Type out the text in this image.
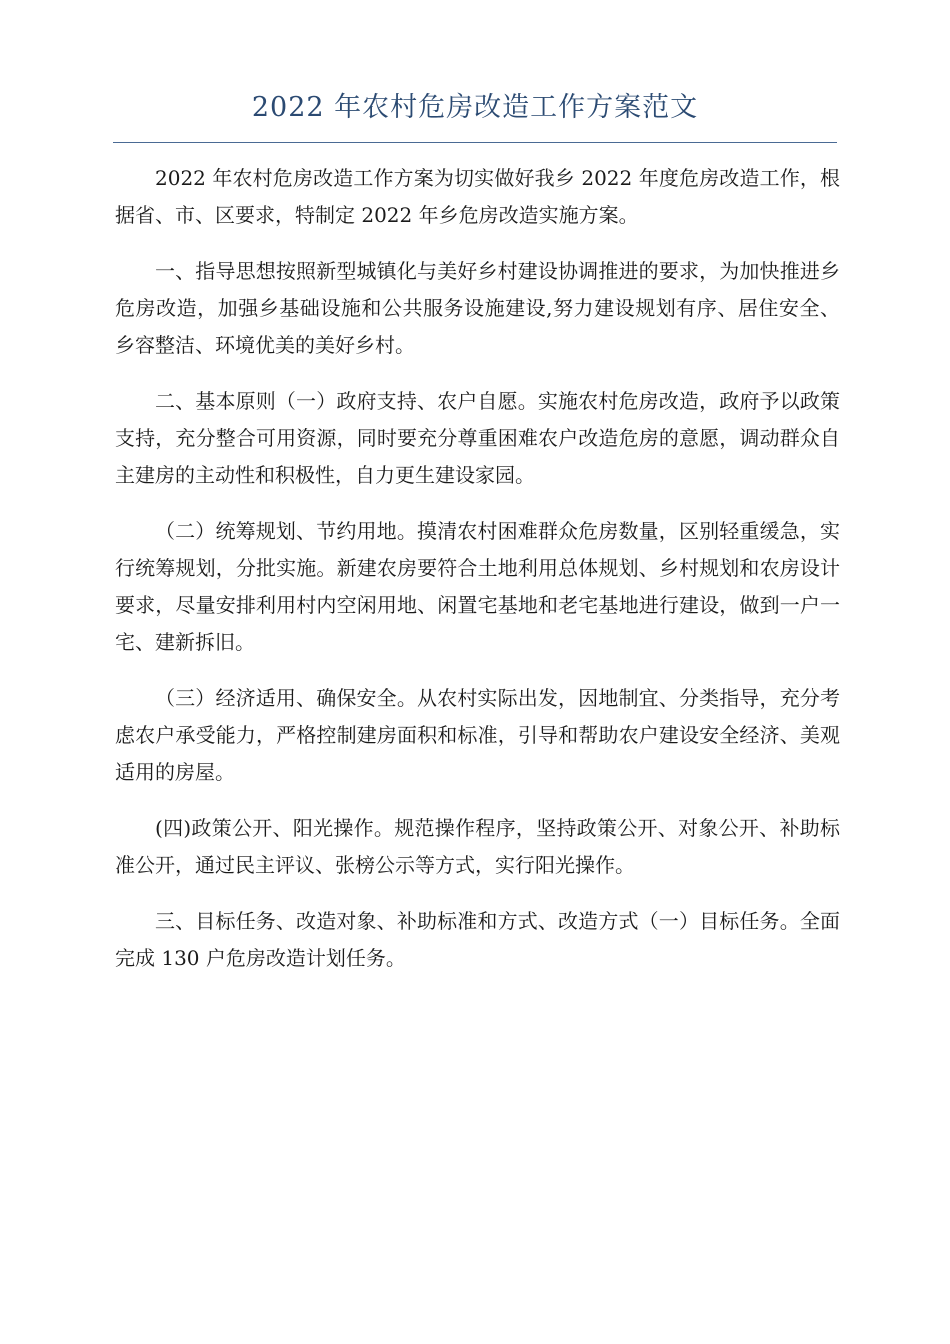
2022 年农村危房改造工作方案范文

2022 年农村危房改造工作方案为切实做好我乡 2022 年度危房改造工作，根据省、市、区要求，特制定 2022 年乡危房改造实施方案。

一、指导思想按照新型城镇化与美好乡村建设协调推进的要求，为加快推进乡危房改造，加强乡基础设施和公共服务设施建设,努力建设规划有序、居住安全、乡容整洁、环境优美的美好乡村。

二、基本原则（一）政府支持、农户自愿。实施农村危房改造，政府予以政策支持，充分整合可用资源，同时要充分尊重困难农户改造危房的意愿，调动群众自主建房的主动性和积极性，自力更生建设家园。

（二）统筹规划、节约用地。摸清农村困难群众危房数量，区别轻重缓急，实行统筹规划，分批实施。新建农房要符合土地利用总体规划、乡村规划和农房设计要求，尽量安排利用村内空闲用地、闲置宅基地和老宅基地进行建设，做到一户一宅、建新拆旧。

（三）经济适用、确保安全。从农村实际出发，因地制宜、分类指导，充分考虑农户承受能力，严格控制建房面积和标准，引导和帮助农户建设安全经济、美观适用的房屋。

(四)政策公开、阳光操作。规范操作程序，坚持政策公开、对象公开、补助标准公开，通过民主评议、张榜公示等方式，实行阳光操作。

三、目标任务、改造对象、补助标准和方式、改造方式（一）目标任务。全面完成 130 户危房改造计划任务。
